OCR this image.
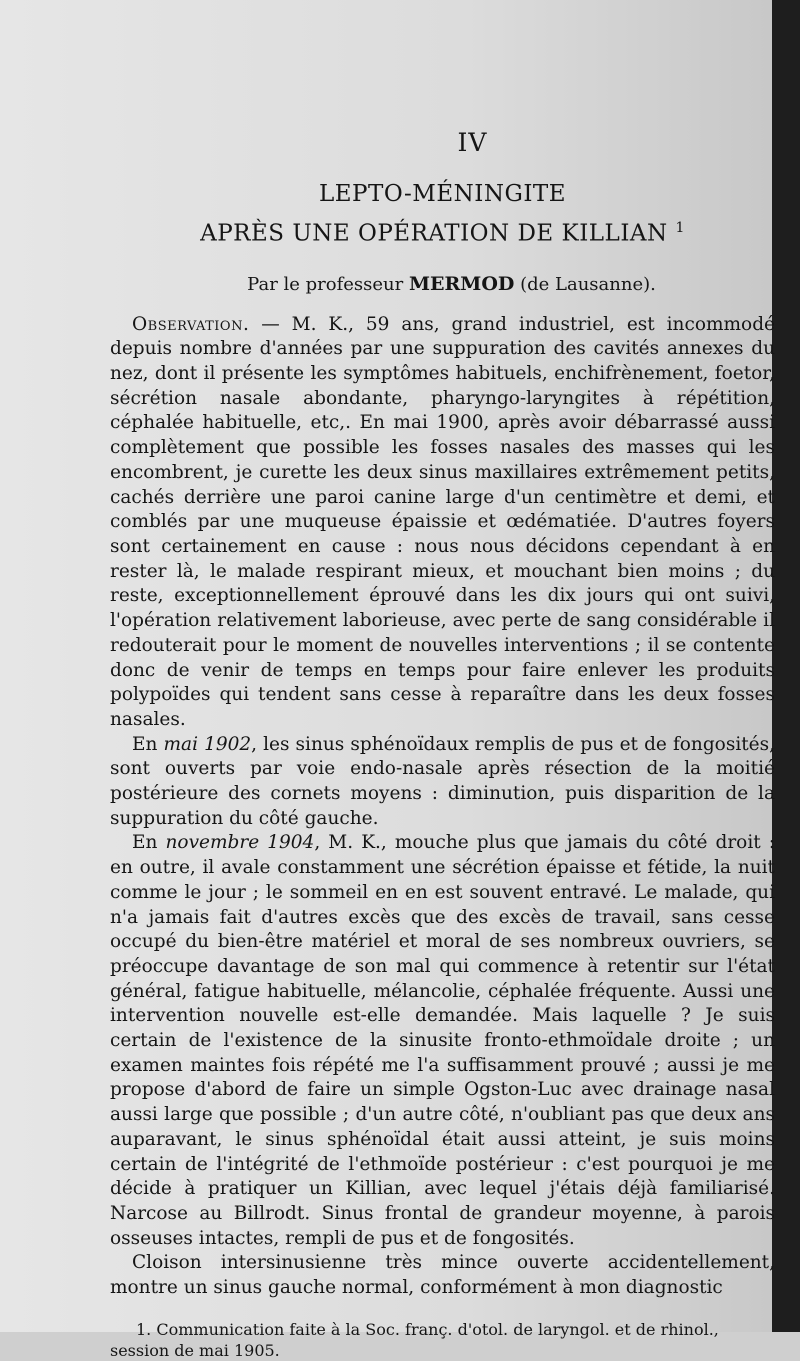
IV
LEPTO-MÉNINGITE
APRÈS UNE OPÉRATION DE KILLIAN $^1$
Par le professeur MERMOD (de Lausanne).

Observation. — M. K., 59 ans, grand industriel, est incommodé depuis nombre d'années par une suppuration des cavités annexes du nez, dont il présente les symptômes habituels, enchifrènement, foetor, sécrétion nasale abondante, pharyngo-laryngites à répétition, céphalée habituelle, etc,. En mai 1900, après avoir débarrassé aussi complètement que possible les fosses nasales des masses qui les encombrent, je curette les deux sinus maxillaires extrêmement petits, cachés derrière une paroi canine large d'un centimètre et demi, et comblés par une muqueuse épaissie et œdématiée. D'autres foyers sont certainement en cause : nous nous décidons cependant à en rester là, le malade respirant mieux, et mouchant bien moins ; du reste, exceptionnellement éprouvé dans les dix jours qui ont suivi, l'opération relativement laborieuse, avec perte de sang considérable il redouterait pour le moment de nouvelles interventions ; il se contente donc de venir de temps en temps pour faire enlever les produits polypoïdes qui tendent sans cesse à reparaître dans les deux fosses nasales.

En mai 1902, les sinus sphénoïdaux remplis de pus et de fongosités, sont ouverts par voie endo-nasale après résection de la moitié postérieure des cornets moyens : diminution, puis disparition de la suppuration du côté gauche.

En novembre 1904, M. K., mouche plus que jamais du côté droit : en outre, il avale constamment une sécrétion épaisse et fétide, la nuit comme le jour ; le sommeil en en est souvent entravé. Le malade, qui n'a jamais fait d'autres excès que des excès de travail, sans cesse occupé du bien-être matériel et moral de ses nombreux ouvriers, se préoccupe davantage de son mal qui commence à retentir sur l'état général, fatigue habituelle, mélancolie, céphalée fréquente. Aussi une intervention nouvelle est-elle demandée. Mais laquelle ? Je suis certain de l'existence de la sinusite fronto-ethmoïdale droite ; un examen maintes fois répété me l'a suffisamment prouvé ; aussi je me propose d'abord de faire un simple Ogston-Luc avec drainage nasal aussi large que possible ; d'un autre côté, n'oubliant pas que deux ans auparavant, le sinus sphénoïdal était aussi atteint, je suis moins certain de l'intégrité de l'ethmoïde postérieur : c'est pourquoi je me décide à pratiquer un Killian, avec lequel j'étais déjà familiarisé. Narcose au Billrodt. Sinus frontal de grandeur moyenne, à parois osseuses intactes, rempli de pus et de fongosités.

Cloison intersinusienne très mince ouverte accidentellement, montre un sinus gauche normal, conformément à mon diagnostic

1. Communication faite à la Soc. franç. d'otol. de laryngol. et de rhinol., session de mai 1905.
